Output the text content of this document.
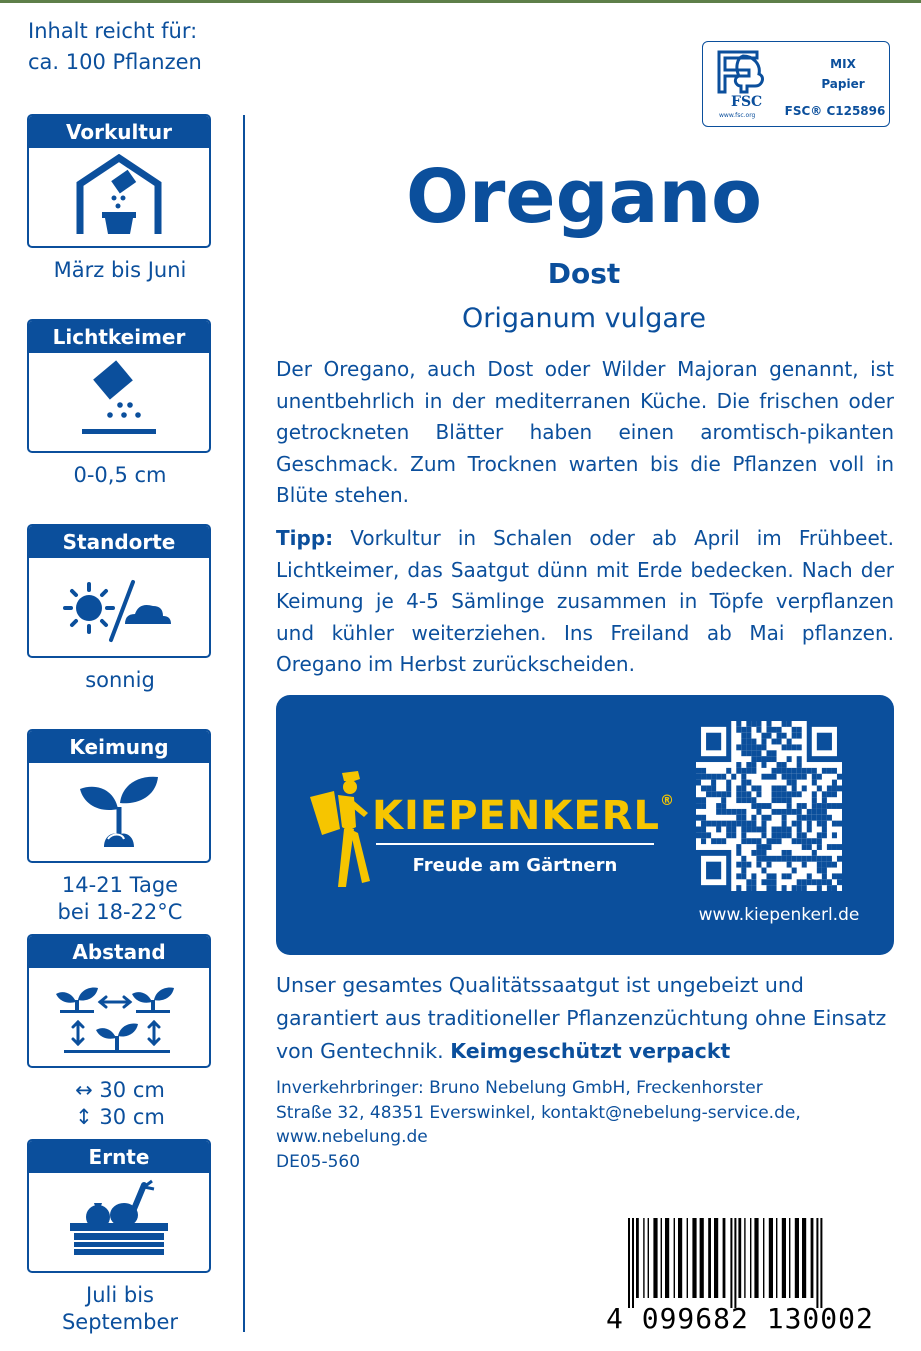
Inhalt reicht für:
ca. 100 Pflanzen
Vorkultur
März bis Juni
Lichtkeimer
0-0,5 cm
Standorte
sonnig
Keimung
14-21 Tage
bei 18-22°C
Abstand
↔ 30 cm
↕ 30 cm
Ernte
Juli bis
September
FSC
www.fsc.org
MIX
Papier
FSC® C125896
Oregano
Dost
Origanum vulgare

Der Oregano, auch Dost oder Wilder Majoran genannt, ist unentbehrlich in der mediterranen Küche. Die frischen oder getrockneten Blätter haben einen aromtisch-pikanten Geschmack. Zum Trocknen warten bis die Pflanzen voll in Blüte stehen.

Tipp: Vorkultur in Schalen oder ab April im Frühbeet. Lichtkeimer, das Saatgut dünn mit Erde bedecken. Nach der Keimung je 4-5 Sämlinge zusammen in Töpfe verpflanzen und kühler weiterziehen. Ins Freiland ab Mai pflanzen. Oregano im Herbst zurückscheiden.

KIEPENKERL®
Freude am Gärtnern
www.kiepenkerl.de

Unser gesamtes Qualitätssaatgut ist ungebeizt und garantiert aus traditioneller Pflanzenzüchtung ohne Einsatz von Gentechnik. Keimgeschützt verpackt

Inverkehrbringer: Bruno Nebelung GmbH, Freckenhorster
Straße 32, 48351 Everswinkel, kontakt@nebelung-service.de,
www.nebelung.de
DE05-560
4 099682 130002
